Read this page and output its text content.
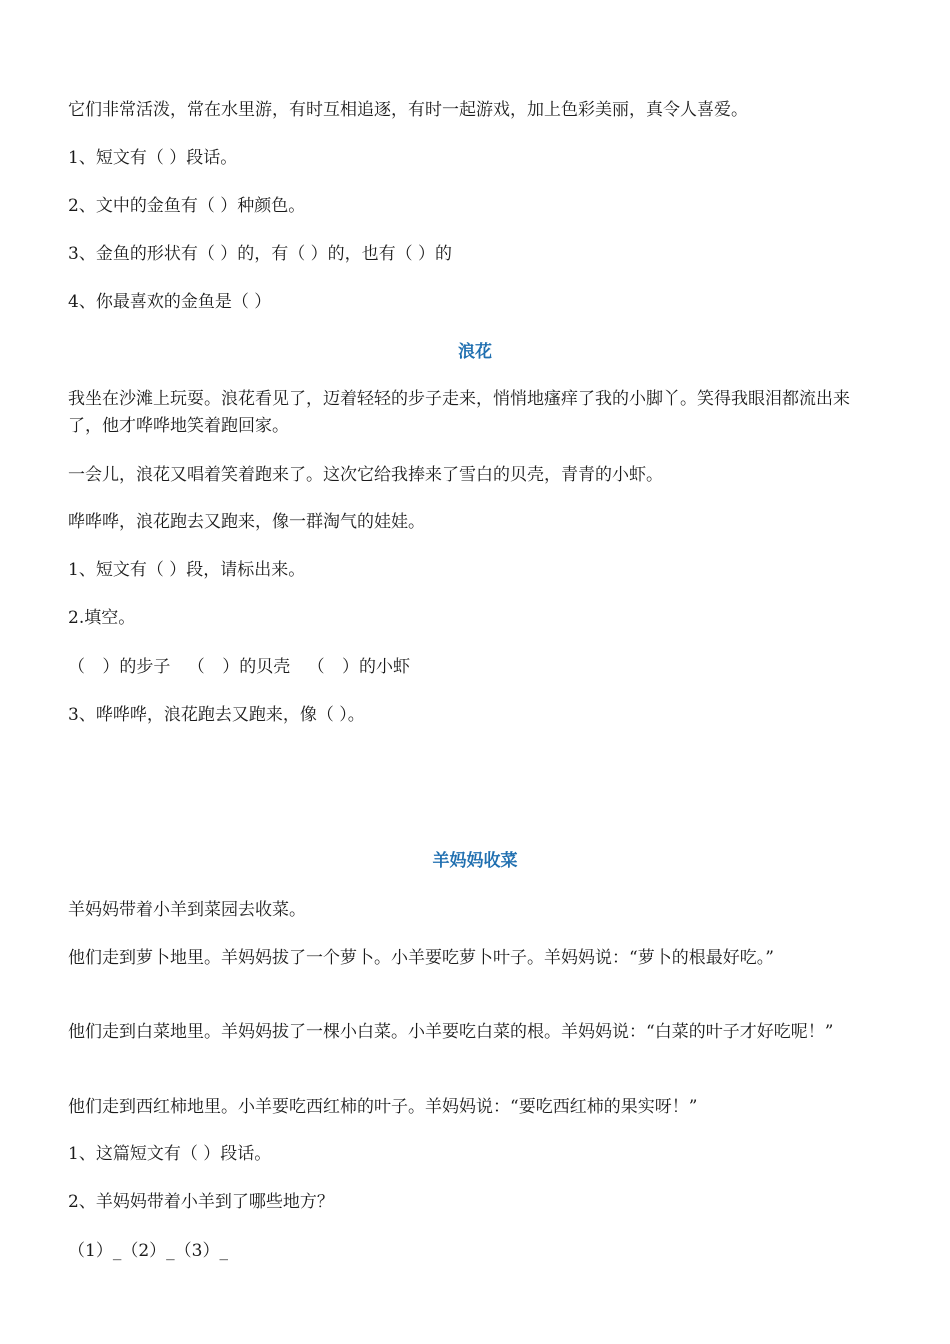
它们非常活泼，常在水里游，有时互相追逐，有时一起游戏，加上色彩美丽，真令人喜爱。
1、短文有（ ）段话。
2、文中的金鱼有（ ）种颜色。
3、金鱼的形状有（ ）的，有（ ）的，也有（ ）的
4、你最喜欢的金鱼是（ ）
浪花
我坐在沙滩上玩耍。浪花看见了，迈着轻轻的步子走来，悄悄地瘙痒了我的小脚丫。笑得我眼泪都流出来了，他才哗哗地笑着跑回家。
一会儿，浪花又唱着笑着跑来了。这次它给我捧来了雪白的贝壳，青青的小虾。
哗哗哗，浪花跑去又跑来，像一群淘气的娃娃。
1、短文有（ ）段，请标出来。
2.填空。
（ ）的步子 （ ）的贝壳 （ ）的小虾
3、哗哗哗，浪花跑去又跑来，像（ ）。
羊妈妈收菜
羊妈妈带着小羊到菜园去收菜。
他们走到萝卜地里。羊妈妈拔了一个萝卜。小羊要吃萝卜叶子。羊妈妈说：“萝卜的根最好吃。”
他们走到白菜地里。羊妈妈拔了一棵小白菜。小羊要吃白菜的根。羊妈妈说：“白菜的叶子才好吃呢！”
他们走到西红柿地里。小羊要吃西红柿的叶子。羊妈妈说：“要吃西红柿的果实呀！”
1、这篇短文有（ ）段话。
2、羊妈妈带着小羊到了哪些地方？
（1）_（2）_（3）_
